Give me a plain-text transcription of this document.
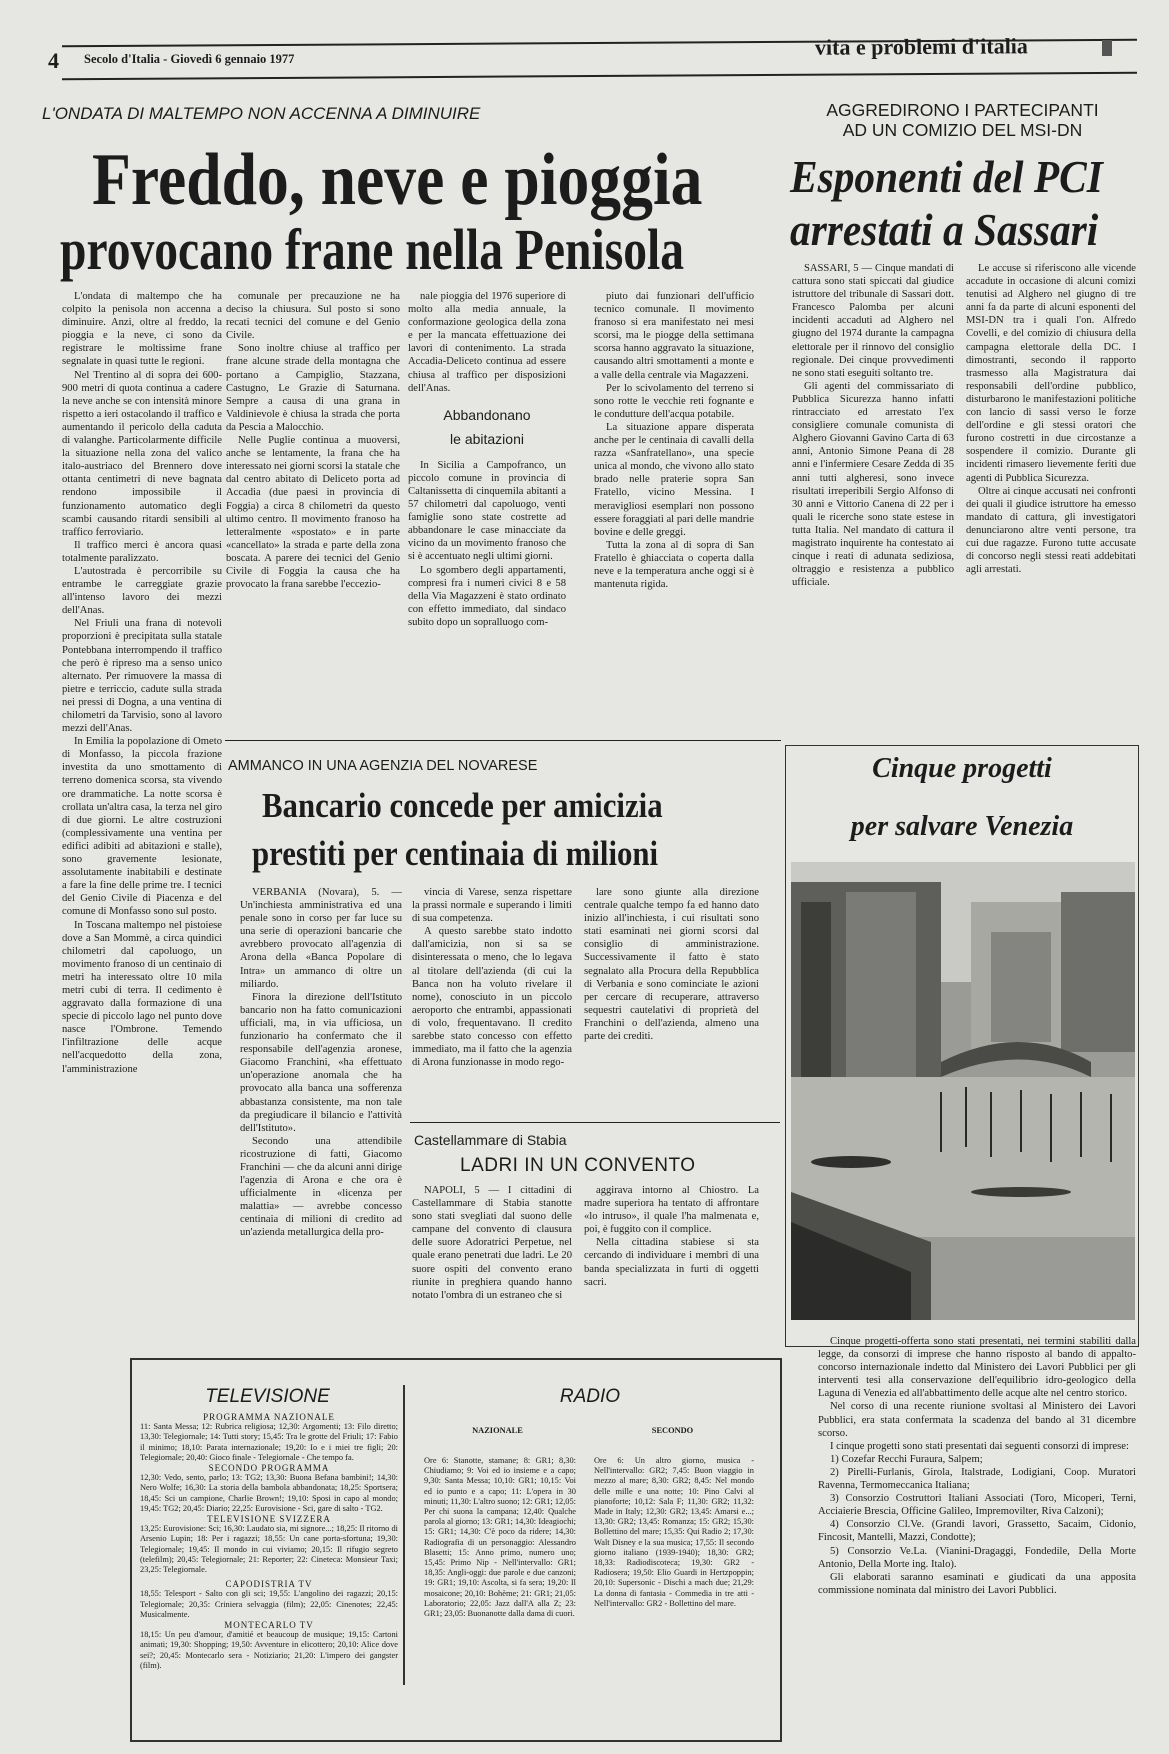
4 Secolo d'Italia - Giovedì 6 gennaio 1977	vita e problemi d'italia
L'ONDATA DI MALTEMPO NON ACCENNA A DIMINUIRE
Freddo, neve e pioggia
provocano frane nella Penisola

L'ondata di maltempo che ha colpito la penisola non accenna a diminuire. Anzi, oltre al freddo, la pioggia e la neve, ci sono da registrare le moltissime frane segnalate in quasi tutte le regioni.

Nel Trentino al di sopra dei 600-900 metri di quota continua a cadere la neve anche se con intensità minore rispetto a ieri ostacolando il traffico e aumentando il pericolo della caduta di valanghe. Particolarmente difficile la situazione nella zona del valico italo-austriaco del Brennero dove ottanta centimetri di neve bagnata rendono impossibile il funzionamento automatico degli scambi causando ritardi sensibili al traffico ferroviario.

Il traffico merci è ancora quasi totalmente paralizzato.

L'autostrada è percorribile su entrambe le carreggiate grazie all'intenso lavoro dei mezzi dell'Anas.

Nel Friuli una frana di notevoli proporzioni è precipitata sulla statale Pontebbana interrompendo il traffico che però è ripreso ma a senso unico alternato. Per rimuovere la massa di pietre e terriccio, cadute sulla strada nei pressi di Dogna, a una ventina di chilometri da Tarvisio, sono al lavoro mezzi dell'Anas.

In Emilia la popolazione di Ometo di Monfasso, la piccola frazione investita da uno smottamento di terreno domenica scorsa, sta vivendo ore drammatiche. La notte scorsa è crollata un'altra casa, la terza nel giro di due giorni. Le altre costruzioni (complessivamente una ventina per edifici adibiti ad abitazioni e stalle), sono gravemente lesionate, assolutamente inabitabili e destinate a fare la fine delle prime tre. I tecnici del Genio Civile di Piacenza e del comune di Monfasso sono sul posto.

In Toscana maltempo nel pistoiese dove a San Mommè, a circa quindici chilometri dal capoluogo, un movimento franoso di un centinaio di metri ha interessato oltre 10 mila metri cubi di terra. Il cedimento è aggravato dalla formazione di una specie di piccolo lago nel punto dove nasce l'Ombrone. Temendo l'infiltrazione delle acque nell'acquedotto della zona, l'amministrazione

comunale per precauzione ne ha deciso la chiusura. Sul posto si sono recati tecnici del comune e del Genio Civile.

Sono inoltre chiuse al traffico per frane alcune strade della montagna che portano a Campiglio, Stazzana, Castugno, Le Grazie di Saturnana. Sempre a causa di una grana in Valdinievole è chiusa la strada che porta da Pescia a Malocchio.

Nelle Puglie continua a muoversi, anche se lentamente, la frana che ha interessato nei giorni scorsi la statale che dal centro abitato di Deliceto porta ad Accadia (due paesi in provincia di Foggia) a circa 8 chilometri da questo ultimo centro. Il movimento franoso ha letteralmente «spostato» e in parte «cancellato» la strada e parte della zona boscata. A parere dei tecnici del Genio Civile di Foggia la causa che ha provocato la frana sarebbe l'eccezio-

nale pioggia del 1976 superiore di molto alla media annuale, la conformazione geologica della zona e per la mancata effettuazione dei lavori di contenimento. La strada Accadia-Deliceto continua ad essere chiusa al traffico per disposizioni dell'Anas.

Abbandonano
le abitazioni

In Sicilia a Campofranco, un piccolo comune in provincia di Caltanissetta di cinquemila abitanti a 57 chilometri dal capoluogo, venti famiglie sono state costrette ad abbandonare le case minacciate da vicino da un movimento franoso che si è accentuato negli ultimi giorni.

Lo sgombero degli appartamenti, compresi fra i numeri civici 8 e 58 della Via Magazzeni è stato ordinato con effetto immediato, dal sindaco subito dopo un sopralluogo com-

piuto dai funzionari dell'ufficio tecnico comunale. Il movimento franoso si era manifestato nei mesi scorsi, ma le piogge della settimana scorsa hanno aggravato la situazione, causando altri smottamenti a monte e a valle della centrale via Magazzeni.

Per lo scivolamento del terreno si sono rotte le vecchie reti fognante e le condutture dell'acqua potabile.

La situazione appare disperata anche per le centinaia di cavalli della razza «Sanfratellano», una specie unica al mondo, che vivono allo stato brado nelle praterie sopra San Fratello, vicino Messina. I meravigliosi esemplari non possono essere foraggiati al pari delle mandrie bovine e delle greggi.

Tutta la zona al di sopra di San Fratello è ghiacciata o coperta dalla neve e la temperatura anche oggi si è mantenuta rigida.

AGGREDIRONO I PARTECIPANTI
AD UN COMIZIO DEL MSI-DN
Esponenti del PCI
arrestati a Sassari

SASSARI, 5 — Cinque mandati di cattura sono stati spiccati dal giudice istruttore del tribunale di Sassari dott. Francesco Palomba per alcuni incidenti accaduti ad Alghero nel giugno del 1974 durante la campagna elettorale per il rinnovo del consiglio regionale. Dei cinque provvedimenti ne sono stati eseguiti soltanto tre.

Gli agenti del commissariato di Pubblica Sicurezza hanno infatti rintracciato ed arrestato l'ex consigliere comunale comunista di Alghero Giovanni Gavino Carta di 63 anni, Antonio Simone Peana di 28 anni e l'infermiere Cesare Zedda di 35 anni tutti algheresi, sono invece risultati irreperibili Sergio Alfonso di 30 anni e Vittorio Canena di 22 per i quali le ricerche sono state estese in tutta Italia. Nel mandato di cattura il magistrato inquirente ha contestato ai cinque i reati di adunata sediziosa, oltraggio e resistenza a pubblico ufficiale.

Le accuse si riferiscono alle vicende accadute in occasione di alcuni comizi tenutisi ad Alghero nel giugno di tre anni fa da parte di alcuni esponenti del MSI-DN tra i quali l'on. Alfredo Covelli, e del comizio di chiusura della campagna elettorale della DC. I dimostranti, secondo il rapporto trasmesso alla Magistratura dai responsabili dell'ordine pubblico, disturbarono le manifestazioni politiche con lancio di sassi verso le forze dell'ordine e gli stessi oratori che furono costretti in due circostanze a sospendere il comizio. Durante gli incidenti rimasero lievemente feriti due agenti di Pubblica Sicurezza.

Oltre ai cinque accusati nei confronti dei quali il giudice istruttore ha emesso mandato di cattura, gli investigatori denunciarono altre venti persone, tra cui due ragazze. Furono tutte accusate di concorso negli stessi reati addebitati agli arrestati.

AMMANCO IN UNA AGENZIA DEL NOVARESE
Bancario concede per amicizia
prestiti per centinaia di milioni

VERBANIA (Novara), 5. — Un'inchiesta amministrativa ed una penale sono in corso per far luce su una serie di operazioni bancarie che avrebbero provocato all'agenzia di Arona della «Banca Popolare di Intra» un ammanco di oltre un miliardo.

Finora la direzione dell'Istituto bancario non ha fatto comunicazioni ufficiali, ma, in via ufficiosa, un funzionario ha confermato che il responsabile dell'agenzia aronese, Giacomo Franchini, «ha effettuato un'operazione anomala che ha provocato alla banca una sofferenza abbastanza consistente, ma non tale da pregiudicare il bilancio e l'attività dell'Istituto».

Secondo una attendibile ricostruzione di fatti, Giacomo Franchini — che da alcuni anni dirige l'agenzia di Arona e che ora è ufficialmente in «licenza per malattia» — avrebbe concesso centinaia di milioni di credito ad un'azienda metallurgica della pro-

vincia di Varese, senza rispettare la prassi normale e superando i limiti di sua competenza.

A questo sarebbe stato indotto dall'amicizia, non si sa se disinteressata o meno, che lo legava al titolare dell'azienda (di cui la Banca non ha voluto rivelare il nome), conosciuto in un piccolo aeroporto che entrambi, appassionati di volo, frequentavano. Il credito sarebbe stato concesso con effetto immediato, ma il fatto che la agenzia di Arona funzionasse in modo rego-

lare sono giunte alla direzione centrale qualche tempo fa ed hanno dato inizio all'inchiesta, i cui risultati sono stati esaminati nei giorni scorsi dal consiglio di amministrazione. Successivamente il fatto è stato segnalato alla Procura della Repubblica di Verbania e sono cominciate le azioni per cercare di recuperare, attraverso sequestri cautelativi di proprietà del Franchini o dell'azienda, almeno una parte dei crediti.

Castellammare di Stabia
LADRI IN UN CONVENTO

NAPOLI, 5 — I cittadini di Castellammare di Stabia stanotte sono stati svegliati dal suono delle campane del convento di clausura delle suore Adoratrici Perpetue, nel quale erano penetrati due ladri. Le 20 suore ospiti del convento erano riunite in preghiera quando hanno notato l'ombra di un estraneo che si

aggirava intorno al Chiostro. La madre superiora ha tentato di affrontare «lo intruso», il quale l'ha malmenata e, poi, è fuggito con il complice.

Nella cittadina stabiese si sta cercando di individuare i membri di una banda specializzata in furti di oggetti sacri.

Cinque progetti
per salvare Venezia

Cinque progetti-offerta sono stati presentati, nei termini stabiliti dalla legge, da consorzi di imprese che hanno risposto al bando di appalto-concorso internazionale indetto dal Ministero dei Lavori Pubblici per gli interventi tesi alla conservazione dell'equilibrio idro-geologico della Laguna di Venezia ed all'abbattimento delle acque alte nel centro storico.

Nel corso di una recente riunione svoltasi al Ministero dei Lavori Pubblici, era stata confermata la scadenza del bando al 31 dicembre scorso.

I cinque progetti sono stati presentati dai seguenti consorzi di imprese:

1) Cozefar Recchi Furaura, Salpem;

2) Pirelli-Furlanis, Girola, Italstrade, Lodigiani, Coop. Muratori Ravenna, Termomeccanica Italiana;

3) Consorzio Costruttori Italiani Associati (Toro, Micoperi, Terni, Acciaierie Brescia, Officine Galileo, Impremovilter, Riva Calzoni);

4) Consorzio Cl.Ve. (Grandi lavori, Grassetto, Sacaim, Cidonio, Fincosit, Mantelli, Mazzi, Condotte);

5) Consorzio Ve.La. (Vianini-Dragaggi, Fondedile, Della Morte Antonio, Della Morte ing. Italo).

Gli elaborati saranno esaminati e giudicati da una apposita commissione nominata dal ministro dei Lavori Pubblici.

TELEVISIONE
PROGRAMMA NAZIONALE
11: Santa Messa; 12: Rubrica religiosa; 12,30: Argomenti; 13: Filo diretto; 13,30: Telegiornale; 14: Tutti story; 15,45: Tra le grotte del Friuli; 17: Fabio il minimo; 18,10: Parata internazionale; 19,20: Io e i miei tre figli; 20: Telegiornale; 20,40: Gioco finale - Telegiornale - Che tempo fa.
SECONDO PROGRAMMA
12,30: Vedo, sento, parlo; 13: TG2; 13,30: Buona Befana bambini!; 14,30: Nero Wolfe; 16,30: La storia della bambola abbandonata; 18,25: Sportsera; 18,45: Sci un campione, Charlie Brown!; 19,10: Sposi in capo al mondo; 19,45: TG2; 20,45: Diario; 22,25: Eurovisione - Sci, gare di salto - TG2.
TELEVISIONE SVIZZERA
13,25: Eurovisione: Sci; 16,30: Laudato sia, mi signore...; 18,25: Il ritorno di Arsenio Lupin; 18: Per i ragazzi; 18,55: Un cane porta-sfortuna; 19,30: Telegiornale; 19,45: Il mondo in cui viviamo; 20,15: Il rifugio segreto (telefilm); 20,45: Telegiornale; 21: Reporter; 22: Cineteca: Monsieur Taxi; 23,25: Telegiornale.
CAPODISTRIA TV
18,55: Telesport - Salto con gli sci; 19,55: L'angolino dei ragazzi; 20,15: Telegiornale; 20,35: Criniera selvaggia (film); 22,05: Cinenotes; 22,45: Musicalmente.
MONTECARLO TV
18,15: Un peu d'amour, d'amitié et beaucoup de musique; 19,15: Cartoni animati; 19,30: Shopping; 19,50: Avventure in elicottero; 20,10: Alice dove sei?; 20,45: Montecarlo sera - Notiziario; 21,20: L'impero dei gangster (film).
RADIO
NAZIONALE	SECONDO
Ore 6: Stanotte, stamane; 8: GR1; 8,30: Chiudiamo; 9: Voi ed io insieme e a capo; 9,30: Santa Messa; 10,10: GR1; 10,15: Voi ed io punto e a capo; 11: L'opera in 30 minuti; 11,30: L'altro suono; 12: GR1; 12,05: Per chi suona la campana; 12,40: Qualche parola al giorno; 13: GR1; 14,30: Ideagiochi; 15: GR1; 14,30: C'è poco da ridere; 14,30: Radiografia di un personaggio: Alessandro Blasetti; 15: Anno primo, numero uno; 15,45: Primo Nip - Nell'intervallo: GR1; 18,35: Angli-oggi: due parole e due canzoni; 19: GR1; 19,10: Ascolta, si fa sera; 19,20: Il mosaicone; 20,10: Bohème; 21: GR1; 21,05: Laboratorio; 22,05: Jazz dall'A alla Z; 23: GR1; 23,05: Buonanotte dalla dama di cuori.
Ore 6: Un altro giorno, musica - Nell'intervallo: GR2; 7,45: Buon viaggio in mezzo al mare; 8,30: GR2; 8,45: Nel mondo delle mille e una notte; 10: Pino Calvi al pianoforte; 10,12: Sala F; 11,30: GR2; 11,32: Made in Italy; 12,30: GR2; 13,45: Amarsi e...; 13,30: GR2; 13,45: Romanza; 15: GR2; 15,30: Bollettino del mare; 15,35: Qui Radio 2; 17,30: Walt Disney e la sua musica; 17,55: Il secondo giorno italiano (1939-1940); 18,30: GR2; 18,33: Radiodiscoteca; 19,30: GR2 - Radiosera; 19,50: Elio Guardi in Hertzpoppin; 20,10: Supersonic - Dischi a mach due; 21,29: La donna di fantasia - Commedia in tre atti - Nell'intervallo: GR2 - Bollettino del mare.
